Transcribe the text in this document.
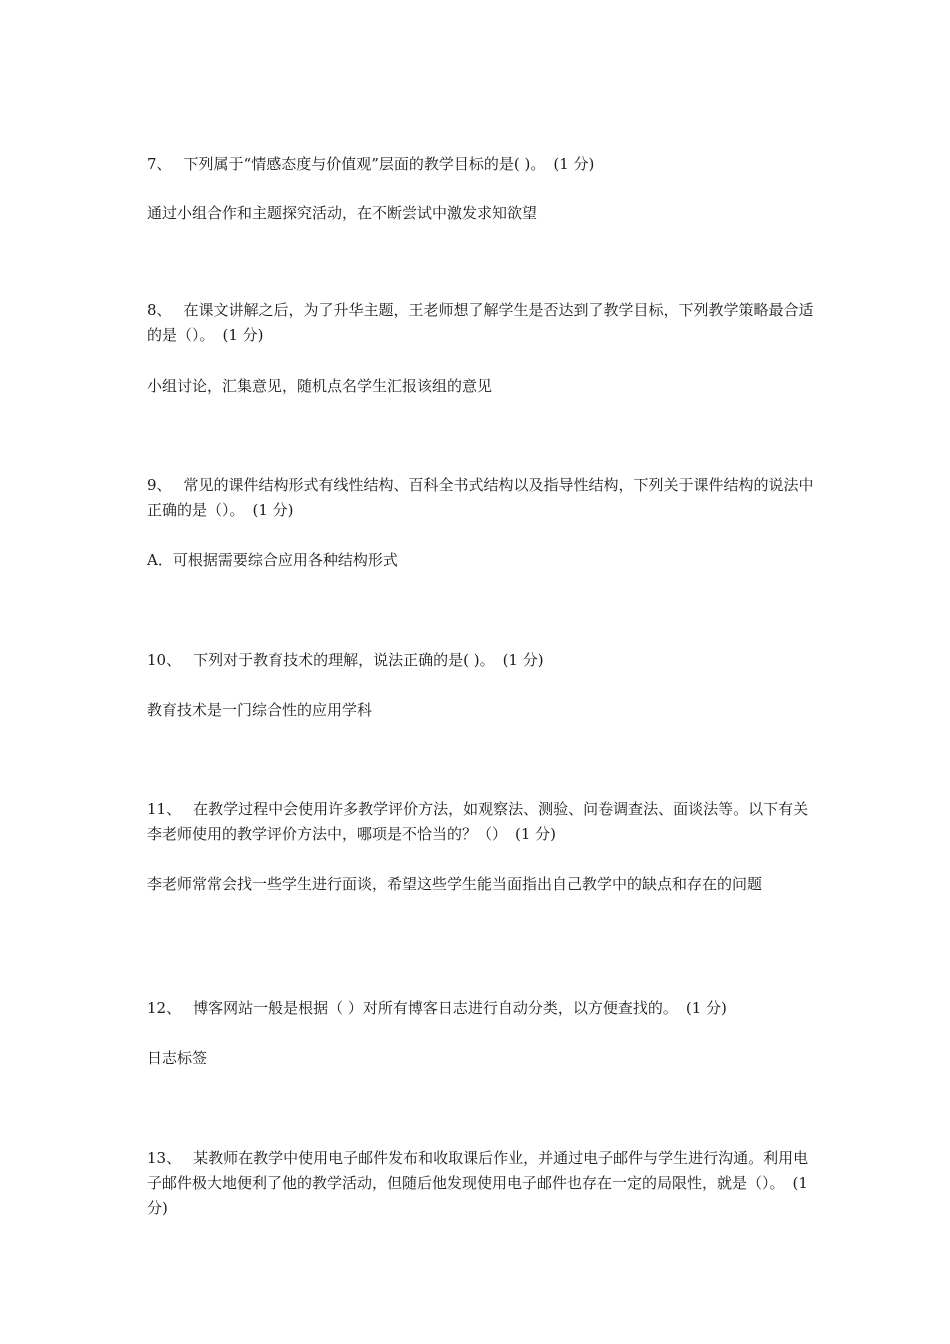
7、 下列属于“情感态度与价值观”层面的教学目标的是( )。 (1 分)
通过小组合作和主题探究活动，在不断尝试中激发求知欲望
8、 在课文讲解之后，为了升华主题，王老师想了解学生是否达到了教学目标，下列教学策略最合适的是（）。 (1 分)
小组讨论，汇集意见，随机点名学生汇报该组的意见
9、 常见的课件结构形式有线性结构、百科全书式结构以及指导性结构，下列关于课件结构的说法中正确的是（）。 (1 分)
A．可根据需要综合应用各种结构形式
10、 下列对于教育技术的理解，说法正确的是( )。 (1 分)
教育技术是一门综合性的应用学科
11、 在教学过程中会使用许多教学评价方法，如观察法、测验、问卷调查法、面谈法等。以下有关李老师使用的教学评价方法中，哪项是不恰当的？（） (1 分)
李老师常常会找一些学生进行面谈，希望这些学生能当面指出自己教学中的缺点和存在的问题
12、 博客网站一般是根据（ ）对所有博客日志进行自动分类，以方便查找的。 (1 分)
日志标签
13、 某教师在教学中使用电子邮件发布和收取课后作业，并通过电子邮件与学生进行沟通。利用电子邮件极大地便利了他的教学活动，但随后他发现使用电子邮件也存在一定的局限性，就是（）。 (1 分)
